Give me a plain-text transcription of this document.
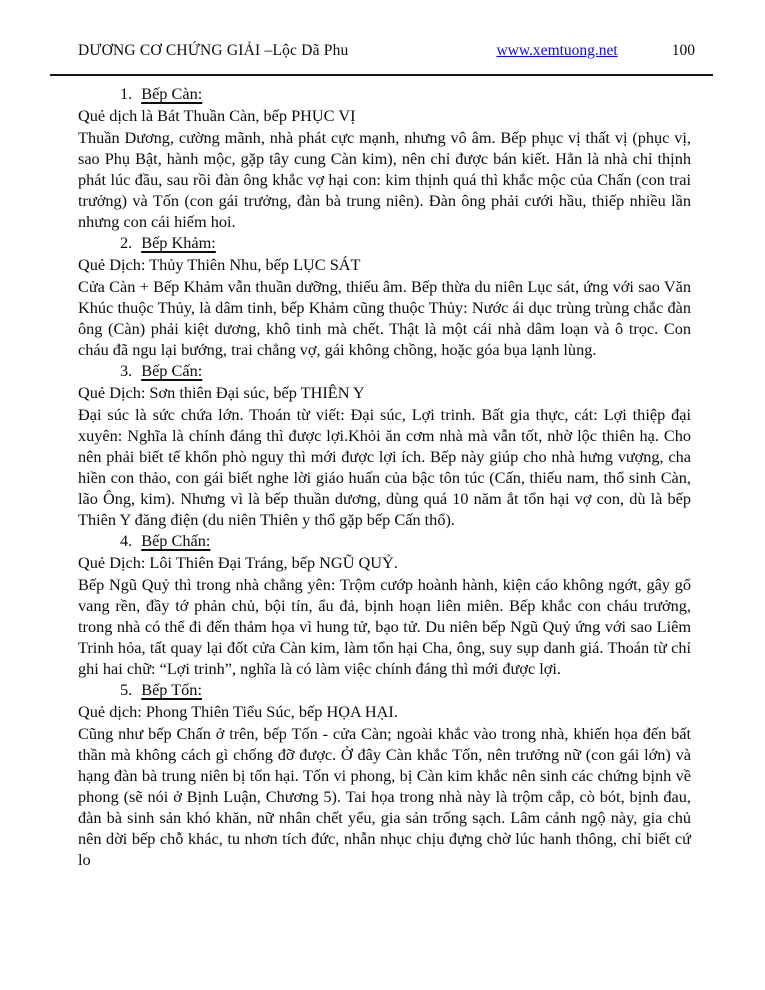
DƯƠNG CƠ CHỨNG GIẢI –Lộc Dã Phu	www.xemtuong.net	100
1. Bếp Càn:
Quẻ dịch là Bát Thuần Càn, bếp PHỤC VỊ

Thuần Dương, cường mãnh, nhà phát cực mạnh, nhưng vô âm. Bếp phục vị thất vị (phục vị, sao Phụ Bật, hành mộc, gặp tây cung Càn kim), nên chỉ được bán kiết. Hẳn là nhà chỉ thịnh phát lúc đầu, sau rồi đàn ông khắc vợ hại con: kim thịnh quá thì khắc mộc của Chấn (con trai trưởng) và Tốn (con gái trưởng, đàn bà trung niên). Đàn ông phải cưới hầu, thiếp nhiều lần nhưng con cái hiếm hoi.

2. Bếp Khảm:
Quẻ Dịch: Thủy Thiên Nhu, bếp LỤC SÁT

Cửa Càn + Bếp Khảm vẫn thuần dưỡng, thiếu âm. Bếp thừa du niên Lục sát, ứng với sao Văn Khúc thuộc Thủy, là dâm tinh, bếp Khảm cũng thuộc Thủy: Nước ái dục trùng trùng chắc đàn ông (Càn) phải kiệt dương, khô tinh mà chết. Thật là một cái nhà dâm loạn và ô trọc. Con cháu đã ngu lại bướng, trai chẳng vợ, gái không chồng, hoặc góa bụa lạnh lùng.

3. Bếp Cấn:
Quẻ Dịch: Sơn thiên Đại súc, bếp THIÊN Y

Đại súc là sức chứa lớn. Thoán từ viết: Đại súc, Lợi trinh. Bất gia thực, cát: Lợi thiệp đại xuyên: Nghĩa là chính đáng thì được lợi.Khỏi ăn cơm nhà mà vẫn tốt, nhờ lộc thiên hạ. Cho nên phải biết tế khổn phò nguy thì mới được lợi ích. Bếp này giúp cho nhà hưng vượng, cha hiền con thảo, con gái biết nghe lời giáo huấn của bậc tôn túc (Cấn, thiếu nam, thổ sinh Càn, lão Ông, kim). Nhưng vì là bếp thuần dương, dùng quá 10 năm ắt tổn hại vợ con, dù là bếp Thiên Y đăng điện (du niên Thiên y thổ gặp bếp Cấn thổ).

4. Bếp Chấn:
Quẻ Dịch: Lôi Thiên Đại Tráng, bếp NGŨ QUỶ.

Bếp Ngũ Quỷ thì trong nhà chẳng yên: Trộm cướp hoành hành, kiện cáo không ngớt, gây gổ vang rền, đầy tớ phản chủ, bội tín, ẩu đả, bịnh hoạn liên miên. Bếp khắc con cháu trưởng, trong nhà có thể đi đến thảm họa vì hung tử, bạo tử. Du niên bếp Ngũ Quỷ ứng với sao Liêm Trinh hỏa, tất quay lại đốt cửa Càn kim, làm tổn hại Cha, ông, suy sụp danh giá. Thoán từ chỉ ghi hai chữ: “Lợi trinh”, nghĩa là có làm việc chính đáng thì mới được lợi.

5. Bếp Tốn:
Quẻ dịch: Phong Thiên Tiểu Súc, bếp HỌA HẠI.

Cũng như bếp Chấn ở trên, bếp Tốn - cửa Càn; ngoài khắc vào trong nhà, khiến họa đến bất thần mà không cách gì chống đỡ được. Ở đây Càn khắc Tốn, nên trưởng nữ (con gái lớn) và hạng đàn bà trung niên bị tổn hại. Tốn vi phong, bị Càn kim khắc nên sinh các chứng bịnh về phong (sẽ nói ở Bịnh Luận, Chương 5). Tai họa trong nhà này là trộm cắp, cò bót, bịnh đau, đàn bà sinh sản khó khăn, nữ nhân chết yểu, gia sản trống sạch. Lâm cảnh ngộ này, gia chủ nên dời bếp chỗ khác, tu nhơn tích đức, nhẫn nhục chịu đựng chờ lúc hanh thông, chỉ biết cứ lo
